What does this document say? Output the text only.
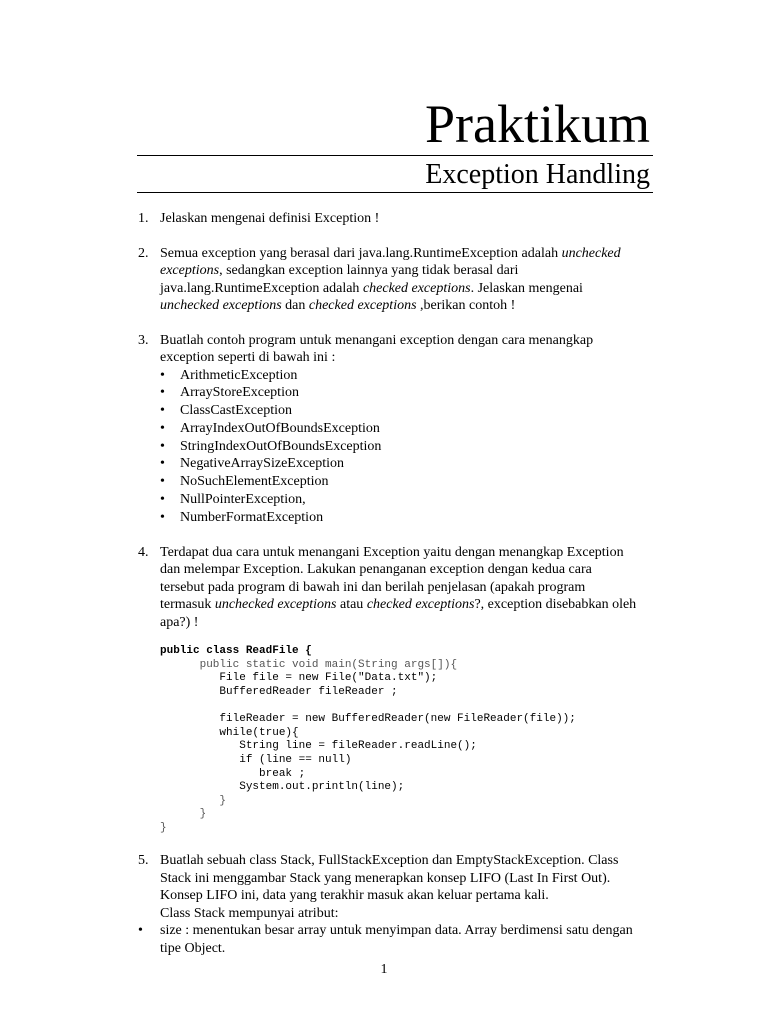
Praktikum
Exception Handling
1. Jelaskan mengenai definisi Exception !

2. Semua exception yang berasal dari java.lang.RuntimeException adalah unchecked exceptions, sedangkan exception lainnya yang tidak berasal dari java.lang.RuntimeException adalah checked exceptions. Jelaskan mengenai unchecked exceptions dan checked exceptions ,berikan contoh !

3. Buatlah contoh program untuk menangani exception dengan cara menangkap exception seperti di bawah ini :

• ArithmeticException
• ArrayStoreException
• ClassCastException
• ArrayIndexOutOfBoundsException
• StringIndexOutOfBoundsException
• NegativeArraySizeException
• NoSuchElementException
• NullPointerException,
• NumberFormatException
4. Terdapat dua cara untuk menangani Exception yaitu dengan menangkap Exception dan melempar Exception. Lakukan penanganan exception dengan kedua cara tersebut pada program di bawah ini dan berilah penjelasan (apakah program termasuk unchecked exceptions atau checked exceptions?, exception disebabkan oleh apa?) !

public class ReadFile {
public static void main(String args[]){
File file = new File("Data.txt");
BufferedReader fileReader ;
fileReader = new BufferedReader(new FileReader(file));
while(true){
String line = fileReader.readLine();
if (line == null)
break ;
System.out.println(line);
}
}
}
5. Buatlah sebuah class Stack, FullStackException dan EmptyStackException. Class Stack ini menggambar Stack yang menerapkan konsep LIFO (Last In First Out). Konsep LIFO ini, data yang terakhir masuk akan keluar pertama kali.

Class Stack mempunyai atribut:

• size : menentukan besar array untuk menyimpan data. Array berdimensi satu dengan tipe Object.
1
